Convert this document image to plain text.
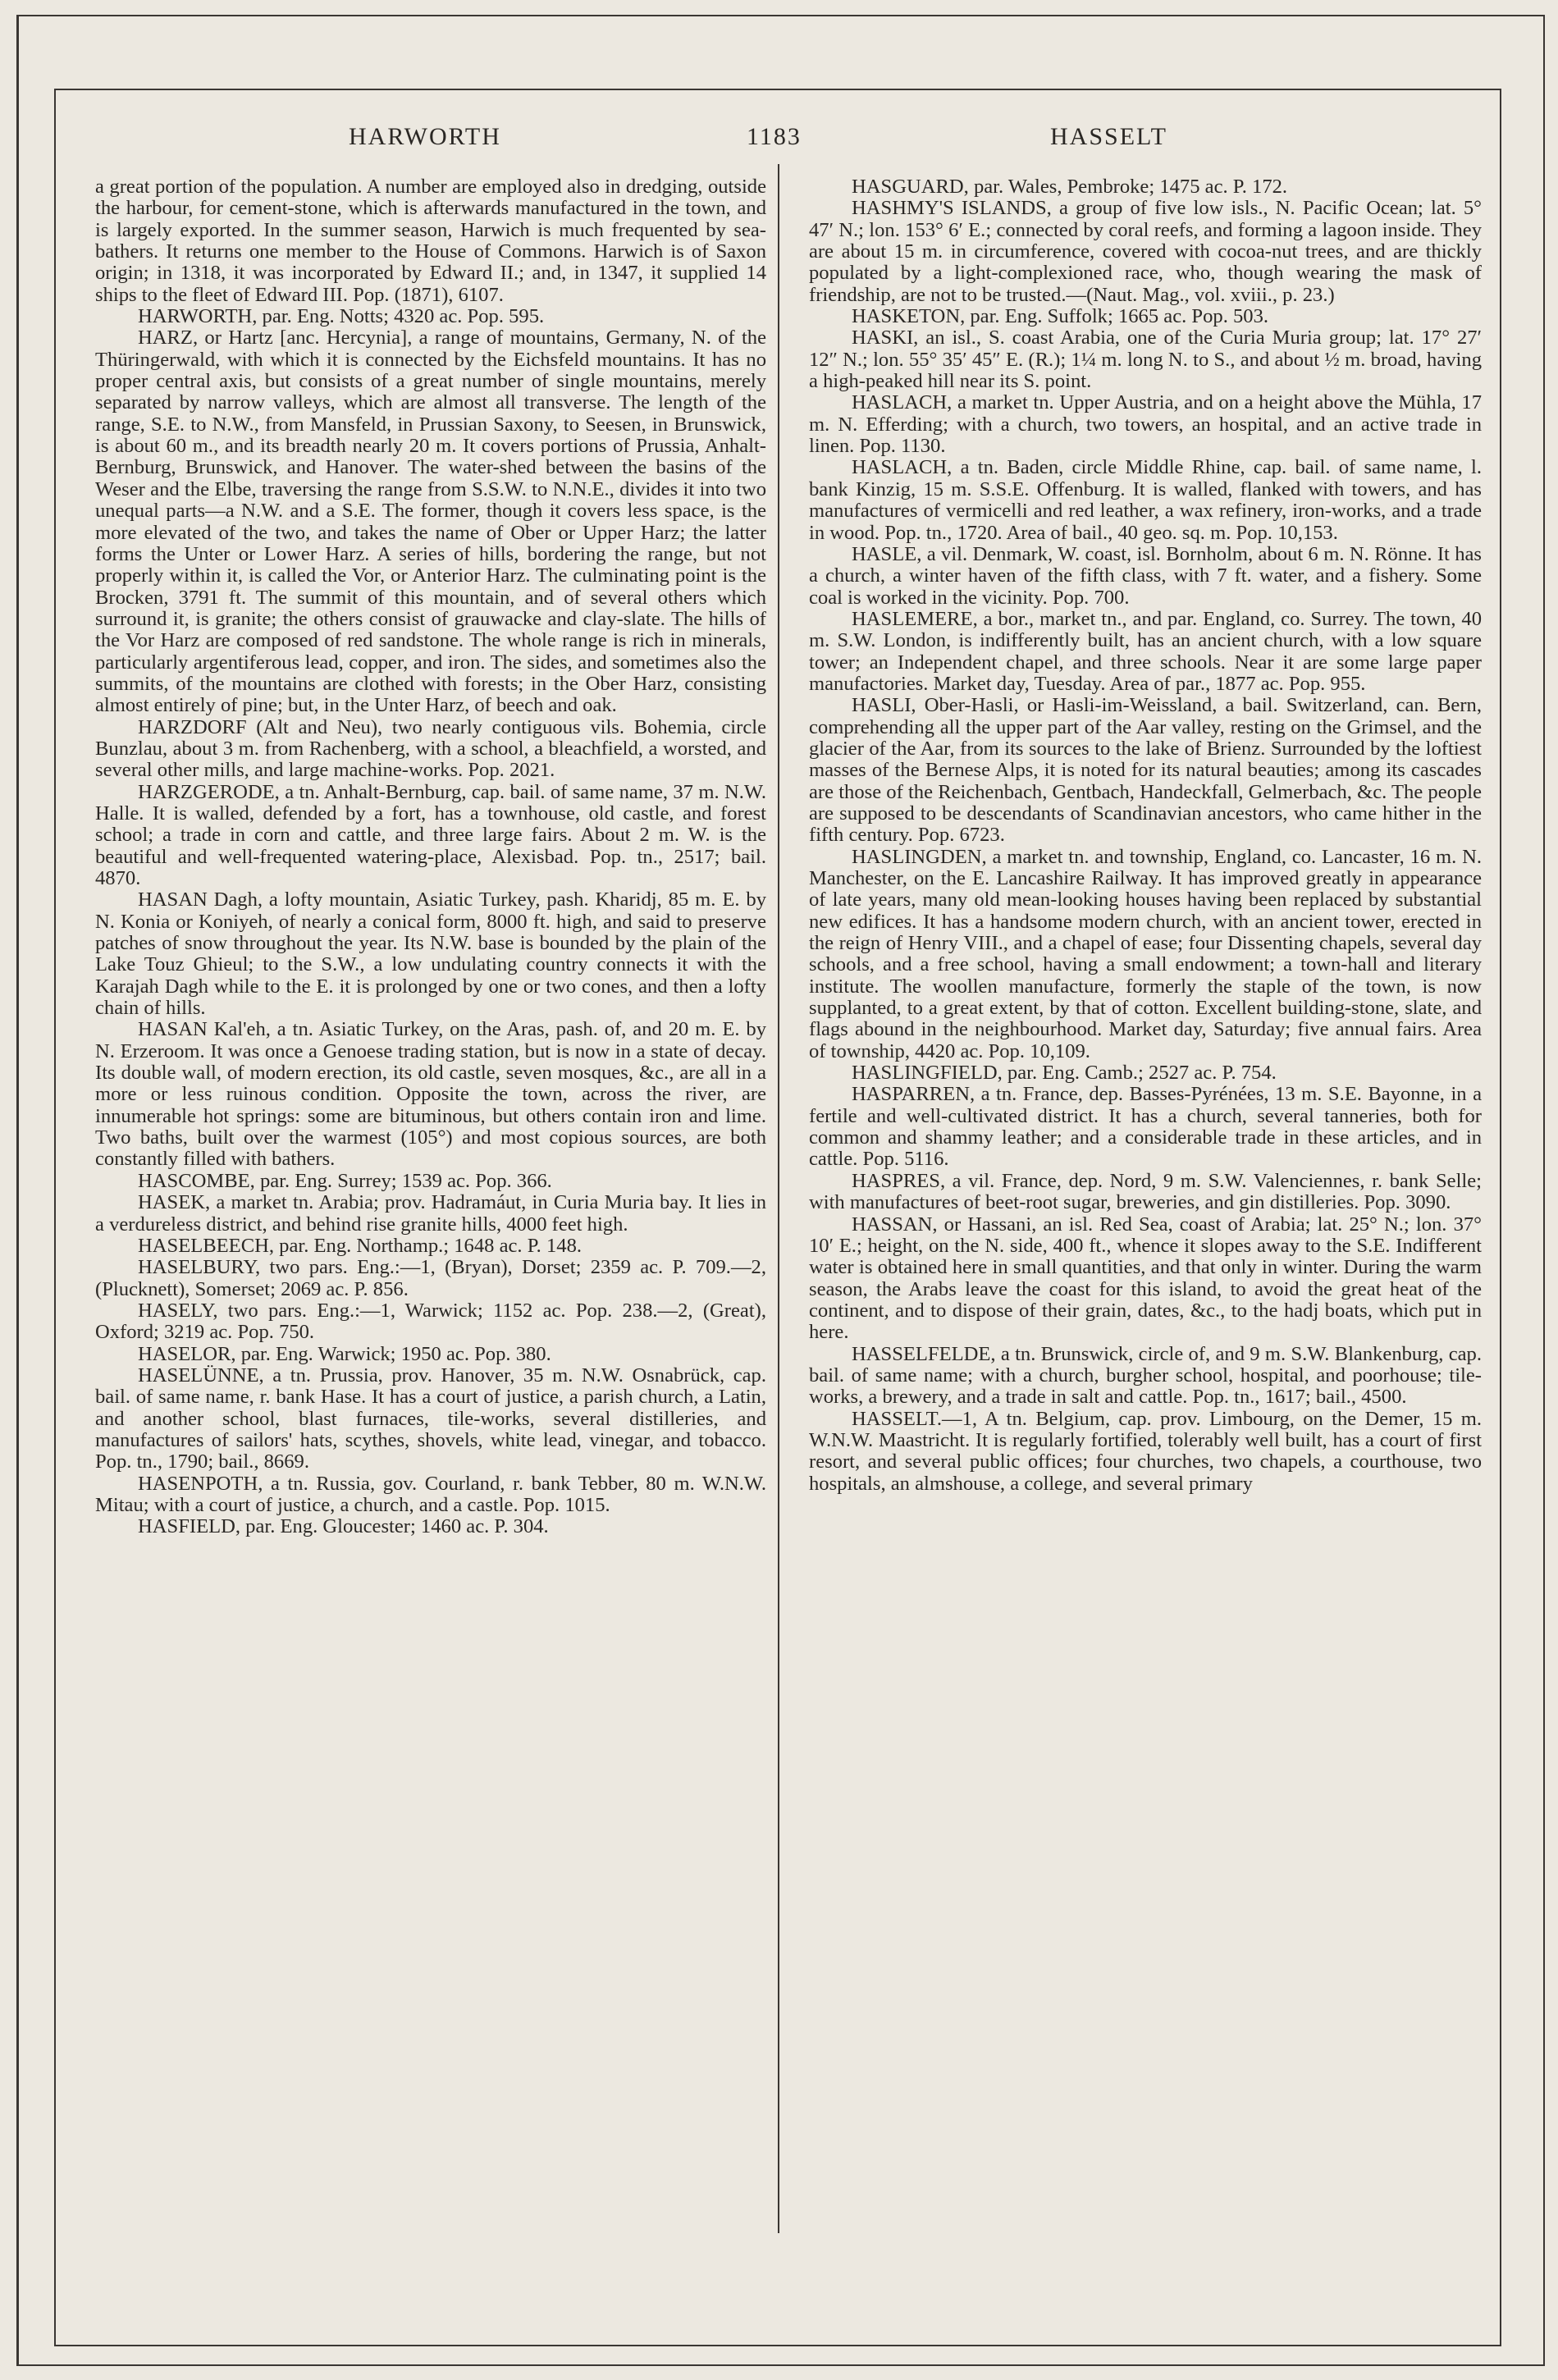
HARWORTH	1183	HASSELT

a great portion of the population. A number are employed also in dredging, outside the harbour, for cement-stone, which is afterwards manufactured in the town, and is largely exported. In the summer season, Harwich is much frequented by sea-bathers. It returns one member to the House of Commons. Harwich is of Saxon origin; in 1318, it was incorporated by Edward II.; and, in 1347, it supplied 14 ships to the fleet of Edward III. Pop. (1871), 6107.

HARWORTH, par. Eng. Notts; 4320 ac. Pop. 595.

HARZ, or Hartz [anc. Hercynia], a range of mountains, Germany, N. of the Thüringerwald, with which it is connected by the Eichsfeld mountains. It has no proper central axis, but consists of a great number of single mountains, merely separated by narrow valleys, which are almost all transverse. The length of the range, S.E. to N.W., from Mansfeld, in Prussian Saxony, to Seesen, in Brunswick, is about 60 m., and its breadth nearly 20 m. It covers portions of Prussia, Anhalt-Bernburg, Brunswick, and Hanover. The water-shed between the basins of the Weser and the Elbe, traversing the range from S.S.W. to N.N.E., divides it into two unequal parts—a N.W. and a S.E. The former, though it covers less space, is the more elevated of the two, and takes the name of Ober or Upper Harz; the latter forms the Unter or Lower Harz. A series of hills, bordering the range, but not properly within it, is called the Vor, or Anterior Harz. The culminating point is the Brocken, 3791 ft. The summit of this mountain, and of several others which surround it, is granite; the others consist of grauwacke and clay-slate. The hills of the Vor Harz are composed of red sandstone. The whole range is rich in minerals, particularly argentiferous lead, copper, and iron. The sides, and sometimes also the summits, of the mountains are clothed with forests; in the Ober Harz, consisting almost entirely of pine; but, in the Unter Harz, of beech and oak.

HARZDORF (Alt and Neu), two nearly contiguous vils. Bohemia, circle Bunzlau, about 3 m. from Rachenberg, with a school, a bleachfield, a worsted, and several other mills, and large machine-works. Pop. 2021.

HARZGERODE, a tn. Anhalt-Bernburg, cap. bail. of same name, 37 m. N.W. Halle. It is walled, defended by a fort, has a townhouse, old castle, and forest school; a trade in corn and cattle, and three large fairs. About 2 m. W. is the beautiful and well-frequented watering-place, Alexisbad. Pop. tn., 2517; bail. 4870.

HASAN Dagh, a lofty mountain, Asiatic Turkey, pash. Kharidj, 85 m. E. by N. Konia or Koniyeh, of nearly a conical form, 8000 ft. high, and said to preserve patches of snow throughout the year. Its N.W. base is bounded by the plain of the Lake Touz Ghieul; to the S.W., a low undulating country connects it with the Karajah Dagh while to the E. it is prolonged by one or two cones, and then a lofty chain of hills.

HASAN Kal'eh, a tn. Asiatic Turkey, on the Aras, pash. of, and 20 m. E. by N. Erzeroom. It was once a Genoese trading station, but is now in a state of decay. Its double wall, of modern erection, its old castle, seven mosques, &c., are all in a more or less ruinous condition. Opposite the town, across the river, are innumerable hot springs: some are bituminous, but others contain iron and lime. Two baths, built over the warmest (105°) and most copious sources, are both constantly filled with bathers.

HASCOMBE, par. Eng. Surrey; 1539 ac. Pop. 366.

HASEK, a market tn. Arabia; prov. Hadramáut, in Curia Muria bay. It lies in a verdureless district, and behind rise granite hills, 4000 feet high.

HASELBEECH, par. Eng. Northamp.; 1648 ac. P. 148.

HASELBURY, two pars. Eng.:—1, (Bryan), Dorset; 2359 ac. P. 709.—2, (Plucknett), Somerset; 2069 ac. P. 856.

HASELY, two pars. Eng.:—1, Warwick; 1152 ac. Pop. 238.—2, (Great), Oxford; 3219 ac. Pop. 750.

HASELOR, par. Eng. Warwick; 1950 ac. Pop. 380.

HASELÜNNE, a tn. Prussia, prov. Hanover, 35 m. N.W. Osnabrück, cap. bail. of same name, r. bank Hase. It has a court of justice, a parish church, a Latin, and another school, blast furnaces, tile-works, several distilleries, and manufactures of sailors' hats, scythes, shovels, white lead, vinegar, and tobacco. Pop. tn., 1790; bail., 8669.

HASENPOTH, a tn. Russia, gov. Courland, r. bank Tebber, 80 m. W.N.W. Mitau; with a court of justice, a church, and a castle. Pop. 1015.

HASFIELD, par. Eng. Gloucester; 1460 ac. P. 304.

HASGUARD, par. Wales, Pembroke; 1475 ac. P. 172.

HASHMY'S ISLANDS, a group of five low isls., N. Pacific Ocean; lat. 5° 47′ N.; lon. 153° 6′ E.; connected by coral reefs, and forming a lagoon inside. They are about 15 m. in circumference, covered with cocoa-nut trees, and are thickly populated by a light-complexioned race, who, though wearing the mask of friendship, are not to be trusted.—(Naut. Mag., vol. xviii., p. 23.)

HASKETON, par. Eng. Suffolk; 1665 ac. Pop. 503.

HASKI, an isl., S. coast Arabia, one of the Curia Muria group; lat. 17° 27′ 12″ N.; lon. 55° 35′ 45″ E. (R.); 1¼ m. long N. to S., and about ½ m. broad, having a high-peaked hill near its S. point.

HASLACH, a market tn. Upper Austria, and on a height above the Mühla, 17 m. N. Efferding; with a church, two towers, an hospital, and an active trade in linen. Pop. 1130.

HASLACH, a tn. Baden, circle Middle Rhine, cap. bail. of same name, l. bank Kinzig, 15 m. S.S.E. Offenburg. It is walled, flanked with towers, and has manufactures of vermicelli and red leather, a wax refinery, iron-works, and a trade in wood. Pop. tn., 1720. Area of bail., 40 geo. sq. m. Pop. 10,153.

HASLE, a vil. Denmark, W. coast, isl. Bornholm, about 6 m. N. Rönne. It has a church, a winter haven of the fifth class, with 7 ft. water, and a fishery. Some coal is worked in the vicinity. Pop. 700.

HASLEMERE, a bor., market tn., and par. England, co. Surrey. The town, 40 m. S.W. London, is indifferently built, has an ancient church, with a low square tower; an Independent chapel, and three schools. Near it are some large paper manufactories. Market day, Tuesday. Area of par., 1877 ac. Pop. 955.

HASLI, Ober-Hasli, or Hasli-im-Weissland, a bail. Switzerland, can. Bern, comprehending all the upper part of the Aar valley, resting on the Grimsel, and the glacier of the Aar, from its sources to the lake of Brienz. Surrounded by the loftiest masses of the Bernese Alps, it is noted for its natural beauties; among its cascades are those of the Reichenbach, Gentbach, Handeckfall, Gelmerbach, &c. The people are supposed to be descendants of Scandinavian ancestors, who came hither in the fifth century. Pop. 6723.

HASLINGDEN, a market tn. and township, England, co. Lancaster, 16 m. N. Manchester, on the E. Lancashire Railway. It has improved greatly in appearance of late years, many old mean-looking houses having been replaced by substantial new edifices. It has a handsome modern church, with an ancient tower, erected in the reign of Henry VIII., and a chapel of ease; four Dissenting chapels, several day schools, and a free school, having a small endowment; a town-hall and literary institute. The woollen manufacture, formerly the staple of the town, is now supplanted, to a great extent, by that of cotton. Excellent building-stone, slate, and flags abound in the neighbourhood. Market day, Saturday; five annual fairs. Area of township, 4420 ac. Pop. 10,109.

HASLINGFIELD, par. Eng. Camb.; 2527 ac. P. 754.

HASPARREN, a tn. France, dep. Basses-Pyrénées, 13 m. S.E. Bayonne, in a fertile and well-cultivated district. It has a church, several tanneries, both for common and shammy leather; and a considerable trade in these articles, and in cattle. Pop. 5116.

HASPRES, a vil. France, dep. Nord, 9 m. S.W. Valenciennes, r. bank Selle; with manufactures of beet-root sugar, breweries, and gin distilleries. Pop. 3090.

HASSAN, or Hassani, an isl. Red Sea, coast of Arabia; lat. 25° N.; lon. 37° 10′ E.; height, on the N. side, 400 ft., whence it slopes away to the S.E. Indifferent water is obtained here in small quantities, and that only in winter. During the warm season, the Arabs leave the coast for this island, to avoid the great heat of the continent, and to dispose of their grain, dates, &c., to the hadj boats, which put in here.

HASSELFELDE, a tn. Brunswick, circle of, and 9 m. S.W. Blankenburg, cap. bail. of same name; with a church, burgher school, hospital, and poorhouse; tile-works, a brewery, and a trade in salt and cattle. Pop. tn., 1617; bail., 4500.

HASSELT.—1, A tn. Belgium, cap. prov. Limbourg, on the Demer, 15 m. W.N.W. Maastricht. It is regularly fortified, tolerably well built, has a court of first resort, and several public offices; four churches, two chapels, a courthouse, two hospitals, an almshouse, a college, and several primary
